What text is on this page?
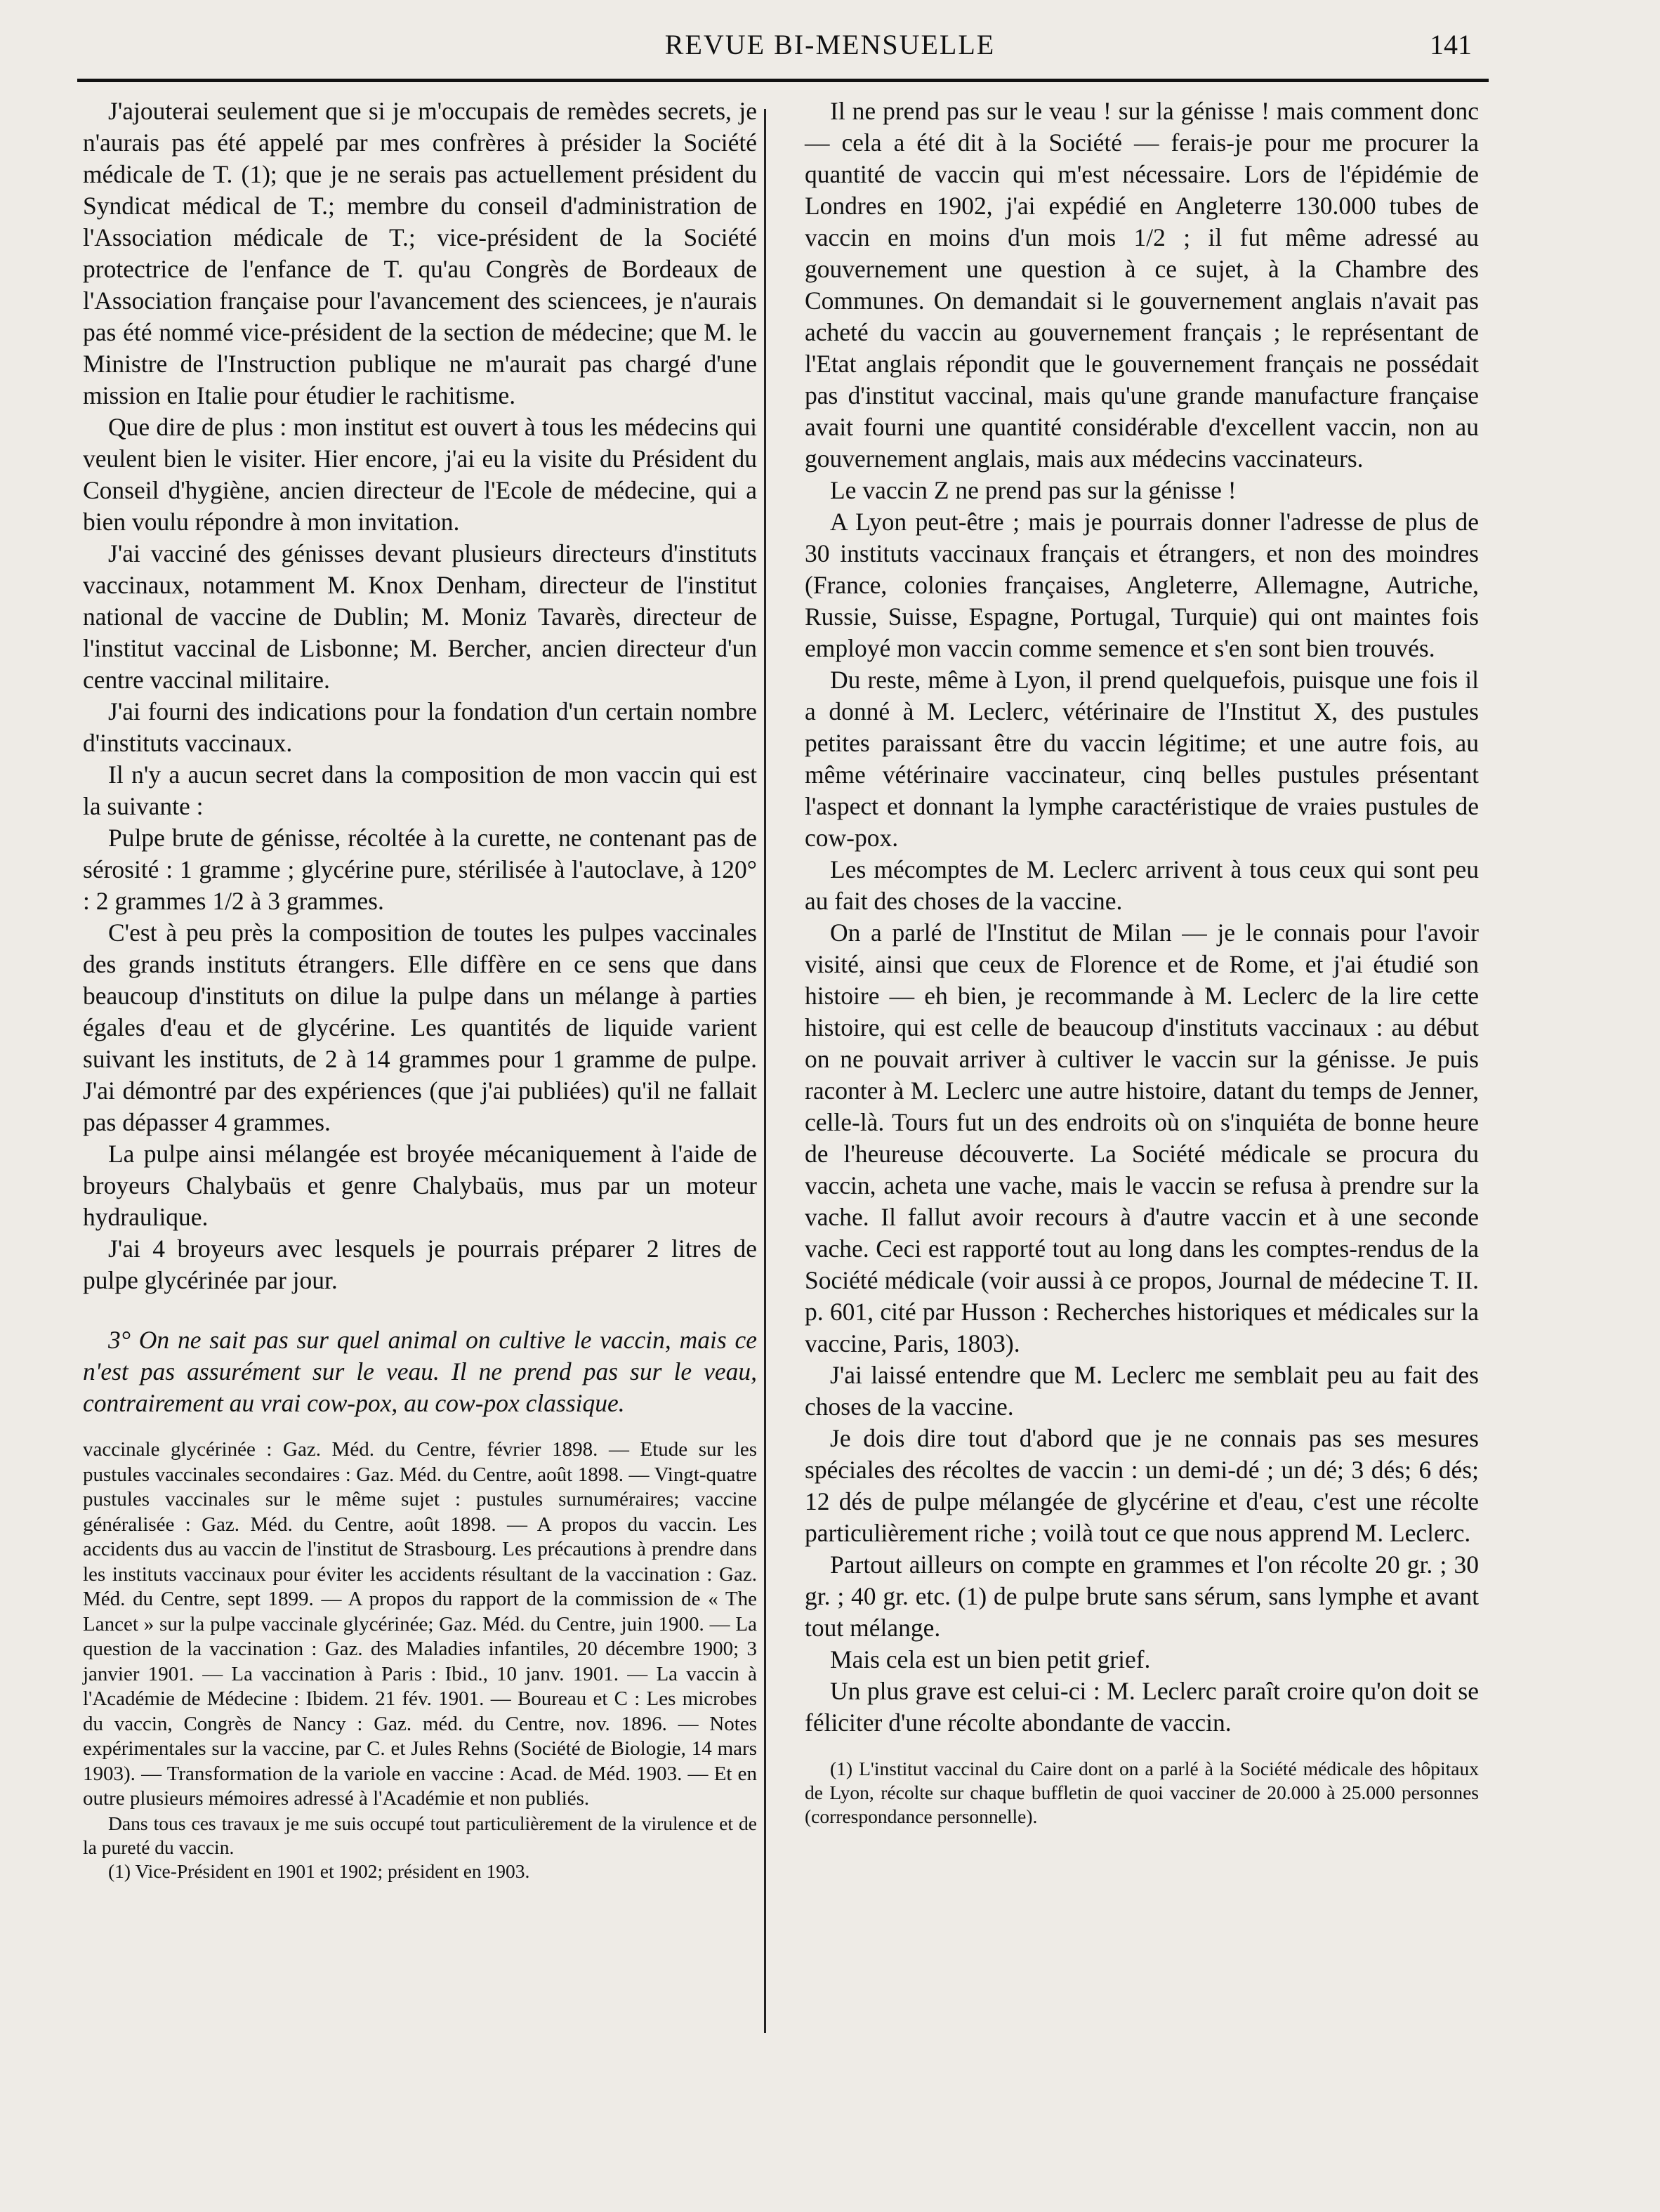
REVUE BI-MENSUELLE	141

J'ajouterai seulement que si je m'occupais de remèdes secrets, je n'aurais pas été appelé par mes confrères à présider la Société médicale de T. (1); que je ne serais pas actuellement président du Syndicat médical de T.; membre du conseil d'administration de l'Association médicale de T.; vice-président de la Société protectrice de l'enfance de T. qu'au Congrès de Bordeaux de l'Association française pour l'avancement des sciencees, je n'aurais pas été nommé vice-président de la section de médecine; que M. le Ministre de l'Instruction publique ne m'aurait pas chargé d'une mission en Italie pour étudier le rachitisme.

Que dire de plus : mon institut est ouvert à tous les médecins qui veulent bien le visiter. Hier encore, j'ai eu la visite du Président du Conseil d'hygiène, ancien directeur de l'Ecole de médecine, qui a bien voulu répondre à mon invitation.

J'ai vacciné des génisses devant plusieurs directeurs d'instituts vaccinaux, notamment M. Knox Denham, directeur de l'institut national de vaccine de Dublin; M. Moniz Tavarès, directeur de l'institut vaccinal de Lisbonne; M. Bercher, ancien directeur d'un centre vaccinal militaire.

J'ai fourni des indications pour la fondation d'un certain nombre d'instituts vaccinaux.

Il n'y a aucun secret dans la composition de mon vaccin qui est la suivante :

Pulpe brute de génisse, récoltée à la curette, ne contenant pas de sérosité : 1 gramme ; glycérine pure, stérilisée à l'autoclave, à 120° : 2 grammes 1/2 à 3 grammes.

C'est à peu près la composition de toutes les pulpes vaccinales des grands instituts étrangers. Elle diffère en ce sens que dans beaucoup d'instituts on dilue la pulpe dans un mélange à parties égales d'eau et de glycérine. Les quantités de liquide varient suivant les instituts, de 2 à 14 grammes pour 1 gramme de pulpe. J'ai démontré par des expériences (que j'ai publiées) qu'il ne fallait pas dépasser 4 grammes.

La pulpe ainsi mélangée est broyée mécaniquement à l'aide de broyeurs Chalybaüs et genre Chalybaüs, mus par un moteur hydraulique.

J'ai 4 broyeurs avec lesquels je pourrais préparer 2 litres de pulpe glycérinée par jour.

3° On ne sait pas sur quel animal on cultive le vaccin, mais ce n'est pas assurément sur le veau. Il ne prend pas sur le veau, contrairement au vrai cow-pox, au cow-pox classique.

vaccinale glycérinée : Gaz. Méd. du Centre, février 1898. — Etude sur les pustules vaccinales secondaires : Gaz. Méd. du Centre, août 1898. — Vingt-quatre pustules vaccinales sur le même sujet : pustules surnuméraires; vaccine généralisée : Gaz. Méd. du Centre, août 1898. — A propos du vaccin. Les accidents dus au vaccin de l'institut de Strasbourg. Les précautions à prendre dans les instituts vaccinaux pour éviter les accidents résultant de la vaccination : Gaz. Méd. du Centre, sept 1899. — A propos du rapport de la commission de « The Lancet » sur la pulpe vaccinale glycérinée; Gaz. Méd. du Centre, juin 1900. — La question de la vaccination : Gaz. des Maladies infantiles, 20 décembre 1900; 3 janvier 1901. — La vaccination à Paris : Ibid., 10 janv. 1901. — La vaccin à l'Académie de Médecine : Ibidem. 21 fév. 1901. — Boureau et C : Les microbes du vaccin, Congrès de Nancy : Gaz. méd. du Centre, nov. 1896. — Notes expérimentales sur la vaccine, par C. et Jules Rehns (Société de Biologie, 14 mars 1903). — Transformation de la variole en vaccine : Acad. de Méd. 1903. — Et en outre plusieurs mémoires adressé à l'Académie et non publiés.

Dans tous ces travaux je me suis occupé tout particulièrement de la virulence et de la pureté du vaccin.

(1) Vice-Président en 1901 et 1902; président en 1903.

Il ne prend pas sur le veau ! sur la génisse ! mais comment donc — cela a été dit à la Société — ferais-je pour me procurer la quantité de vaccin qui m'est nécessaire. Lors de l'épidémie de Londres en 1902, j'ai expédié en Angleterre 130.000 tubes de vaccin en moins d'un mois 1/2 ; il fut même adressé au gouvernement une question à ce sujet, à la Chambre des Communes. On demandait si le gouvernement anglais n'avait pas acheté du vaccin au gouvernement français ; le représentant de l'Etat anglais répondit que le gouvernement français ne possédait pas d'institut vaccinal, mais qu'une grande manufacture française avait fourni une quantité considérable d'excellent vaccin, non au gouvernement anglais, mais aux médecins vaccinateurs.

Le vaccin Z ne prend pas sur la génisse !

A Lyon peut-être ; mais je pourrais donner l'adresse de plus de 30 instituts vaccinaux français et étrangers, et non des moindres (France, colonies françaises, Angleterre, Allemagne, Autriche, Russie, Suisse, Espagne, Portugal, Turquie) qui ont maintes fois employé mon vaccin comme semence et s'en sont bien trouvés.

Du reste, même à Lyon, il prend quelquefois, puisque une fois il a donné à M. Leclerc, vétérinaire de l'Institut X, des pustules petites paraissant être du vaccin légitime; et une autre fois, au même vétérinaire vaccinateur, cinq belles pustules présentant l'aspect et donnant la lymphe caractéristique de vraies pustules de cow-pox.

Les mécomptes de M. Leclerc arrivent à tous ceux qui sont peu au fait des choses de la vaccine.

On a parlé de l'Institut de Milan — je le connais pour l'avoir visité, ainsi que ceux de Florence et de Rome, et j'ai étudié son histoire — eh bien, je recommande à M. Leclerc de la lire cette histoire, qui est celle de beaucoup d'instituts vaccinaux : au début on ne pouvait arriver à cultiver le vaccin sur la génisse. Je puis raconter à M. Leclerc une autre histoire, datant du temps de Jenner, celle-là. Tours fut un des endroits où on s'inquiéta de bonne heure de l'heureuse découverte. La Société médicale se procura du vaccin, acheta une vache, mais le vaccin se refusa à prendre sur la vache. Il fallut avoir recours à d'autre vaccin et à une seconde vache. Ceci est rapporté tout au long dans les comptes-rendus de la Société médicale (voir aussi à ce propos, Journal de médecine T. II. p. 601, cité par Husson : Recherches historiques et médicales sur la vaccine, Paris, 1803).

J'ai laissé entendre que M. Leclerc me semblait peu au fait des choses de la vaccine.

Je dois dire tout d'abord que je ne connais pas ses mesures spéciales des récoltes de vaccin : un demi-dé ; un dé; 3 dés; 6 dés; 12 dés de pulpe mélangée de glycérine et d'eau, c'est une récolte particulièrement riche ; voilà tout ce que nous apprend M. Leclerc.

Partout ailleurs on compte en grammes et l'on récolte 20 gr. ; 30 gr. ; 40 gr. etc. (1) de pulpe brute sans sérum, sans lymphe et avant tout mélange.

Mais cela est un bien petit grief.

Un plus grave est celui-ci : M. Leclerc paraît croire qu'on doit se féliciter d'une récolte abondante de vaccin.

(1) L'institut vaccinal du Caire dont on a parlé à la Société médicale des hôpitaux de Lyon, récolte sur chaque buffletin de quoi vacciner de 20.000 à 25.000 personnes (correspondance personnelle).
